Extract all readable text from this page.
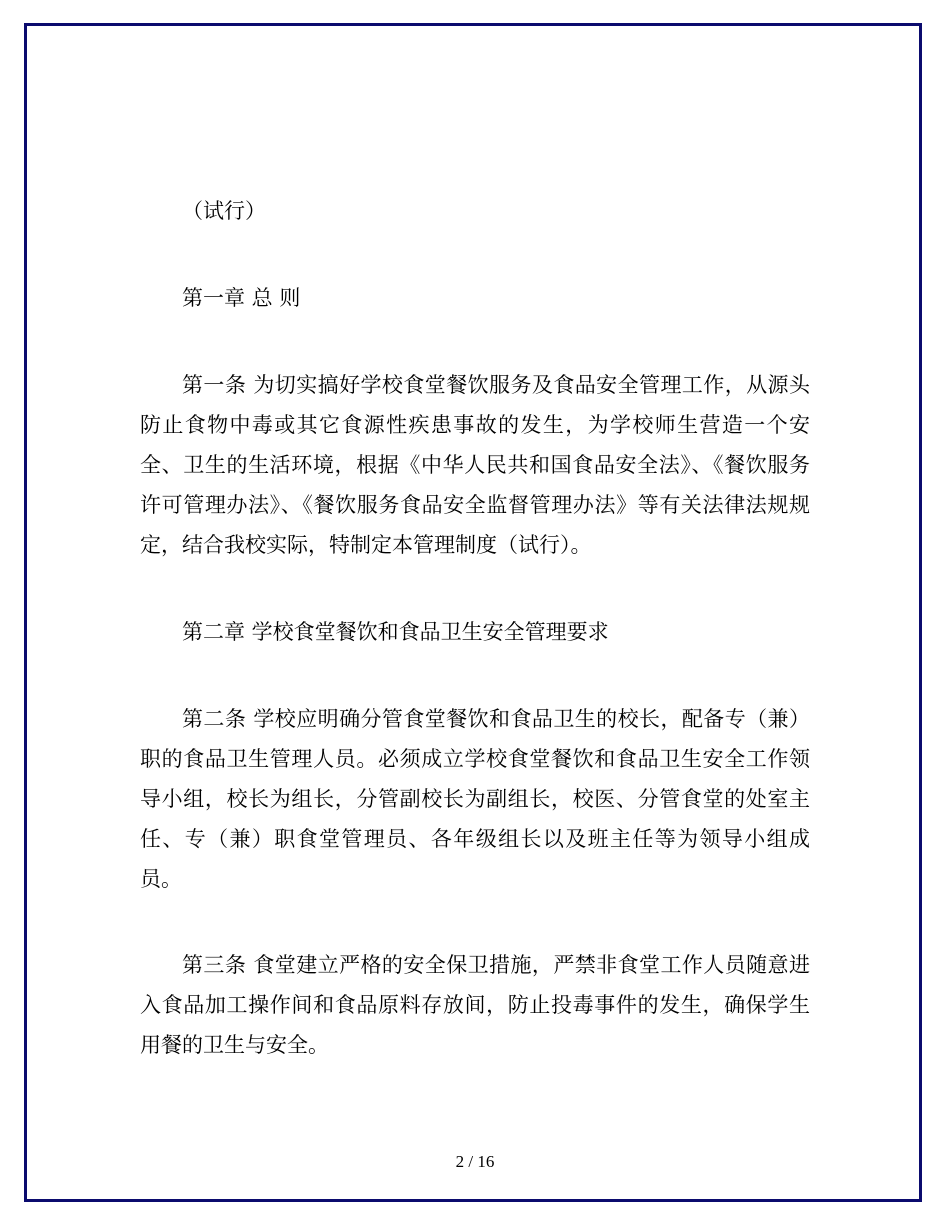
（试行）

第一章 总 则

第一条 为切实搞好学校食堂餐饮服务及食品安全管理工作，从源头防止食物中毒或其它食源性疾患事故的发生，为学校师生营造一个安全、卫生的生活环境，根据《中华人民共和国食品安全法》、《餐饮服务许可管理办法》、《餐饮服务食品安全监督管理办法》等有关法律法规规定，结合我校实际，特制定本管理制度（试行）。

第二章 学校食堂餐饮和食品卫生安全管理要求

第二条 学校应明确分管食堂餐饮和食品卫生的校长，配备专（兼）职的食品卫生管理人员。必须成立学校食堂餐饮和食品卫生安全工作领导小组，校长为组长，分管副校长为副组长，校医、分管食堂的处室主任、专（兼）职食堂管理员、各年级组长以及班主任等为领导小组成员。

第三条 食堂建立严格的安全保卫措施，严禁非食堂工作人员随意进入食品加工操作间和食品原料存放间，防止投毒事件的发生，确保学生用餐的卫生与安全。

2 / 16
